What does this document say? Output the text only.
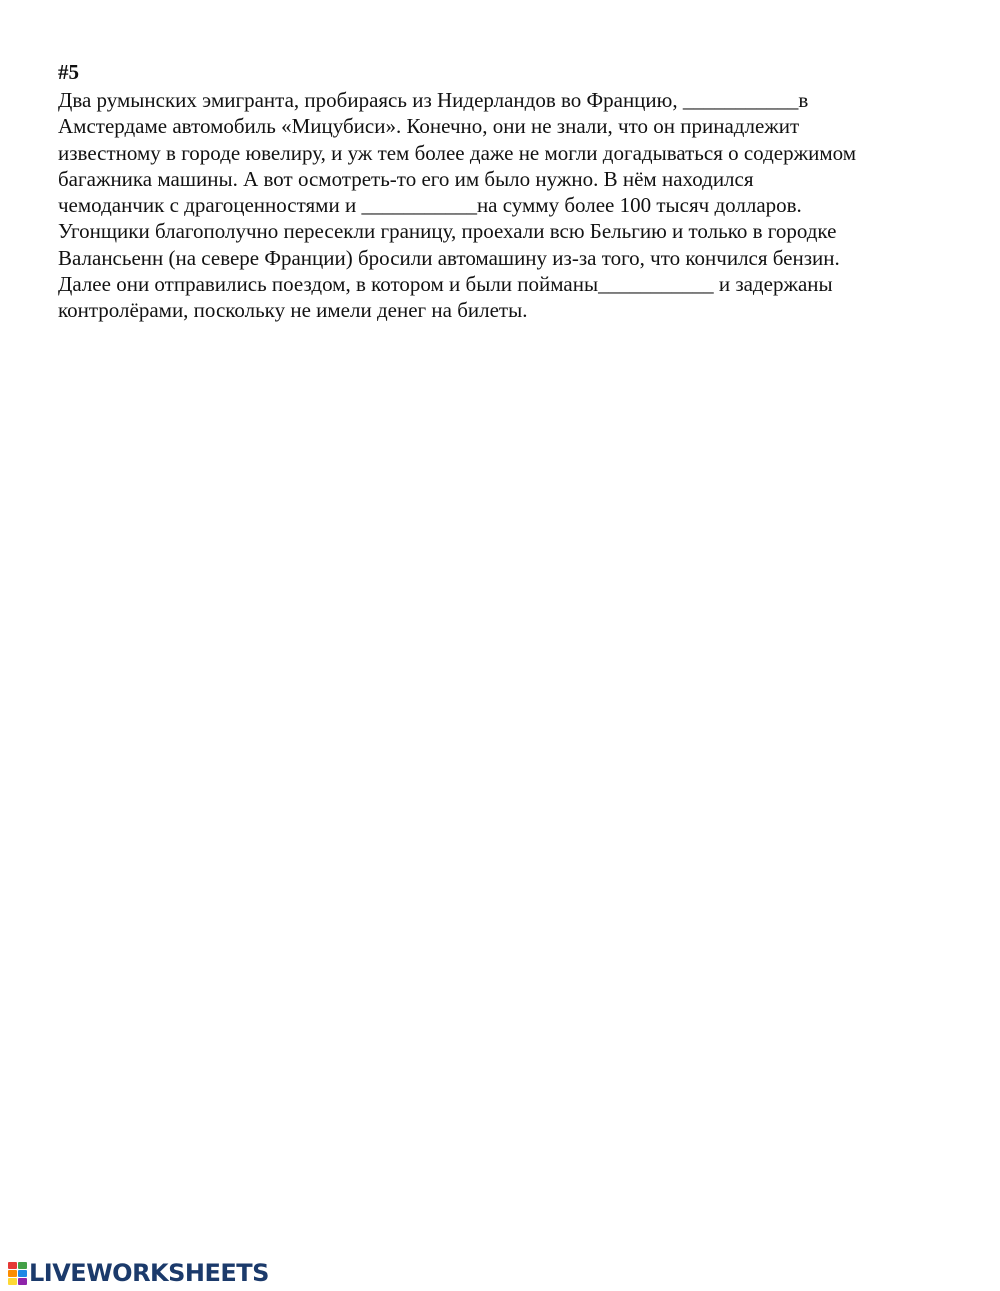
#5
Два румынских эмигранта, пробираясь из Нидерландов во Францию, ___________в
Амстердаме автомобиль «Мицубиси». Конечно, они не знали, что он принадлежит
известному в городе ювелиру, и уж тем более даже не могли догадываться о содержимом
багажника машины. А вот осмотреть-то его им было нужно. В нём находился
чемоданчик с драгоценностями и ___________на сумму более 100 тысяч долларов.
Угонщики благополучно пересекли границу, проехали всю Бельгию и только в городке
Валансьенн (на севере Франции) бросили автомашину из-за того, что кончился бензин.
Далее они отправились поездом, в котором и были пойманы___________ и задержаны
контролёрами, поскольку не имели денег на билеты.
LIVEWORKSHEETS
